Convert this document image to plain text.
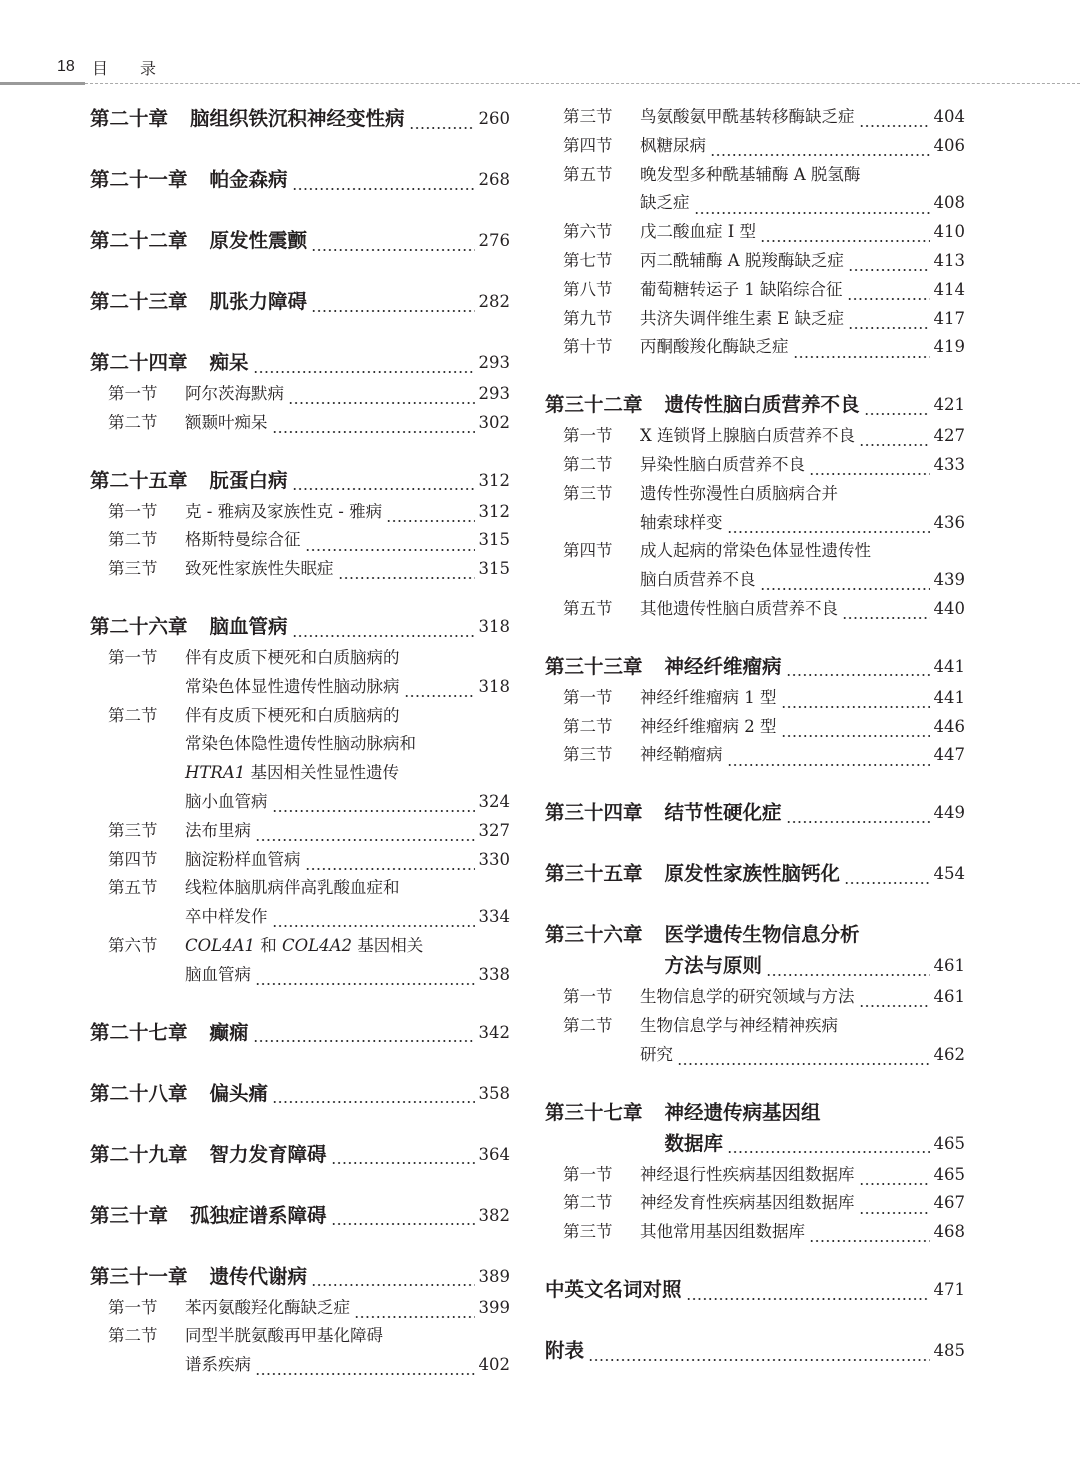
18 目 录
第二十章 脑组织铁沉积神经变性病	260
第二十一章 帕金森病	268
第二十二章 原发性震颤	276
第二十三章 肌张力障碍	282
第二十四章 痴呆	293
第一节	阿尔茨海默病	293
第二节	额颞叶痴呆	302
第二十五章 朊蛋白病	312
第一节	克 - 雅病及家族性克 - 雅病	312
第二节	格斯特曼综合征	315
第三节	致死性家族性失眠症	315
第二十六章 脑血管病	318
第一节	伴有皮质下梗死和白质脑病的
常染色体显性遗传性脑动脉病	318
第二节	伴有皮质下梗死和白质脑病的
常染色体隐性遗传性脑动脉病和
HTRA1 基因相关性显性遗传
脑小血管病	324
第三节	法布里病	327
第四节	脑淀粉样血管病	330
第五节	线粒体脑肌病伴高乳酸血症和
卒中样发作	334
第六节	COL4A1 和 COL4A2 基因相关
脑血管病	338
第二十七章 癫痫	342
第二十八章 偏头痛	358
第二十九章 智力发育障碍	364
第三十章 孤独症谱系障碍	382
第三十一章 遗传代谢病	389
第一节	苯丙氨酸羟化酶缺乏症	399
第二节	同型半胱氨酸再甲基化障碍
谱系疾病	402
第三节	鸟氨酸氨甲酰基转移酶缺乏症	404
第四节	枫糖尿病	406
第五节	晚发型多种酰基辅酶 A 脱氢酶
缺乏症	408
第六节	戊二酸血症 Ⅰ 型	410
第七节	丙二酰辅酶 A 脱羧酶缺乏症	413
第八节	葡萄糖转运子 1 缺陷综合征	414
第九节	共济失调伴维生素 E 缺乏症	417
第十节	丙酮酸羧化酶缺乏症	419
第三十二章 遗传性脑白质营养不良	421
第一节	X 连锁肾上腺脑白质营养不良	427
第二节	异染性脑白质营养不良	433
第三节	遗传性弥漫性白质脑病合并
轴索球样变	436
第四节	成人起病的常染色体显性遗传性
脑白质营养不良	439
第五节	其他遗传性脑白质营养不良	440
第三十三章 神经纤维瘤病	441
第一节	神经纤维瘤病 1 型	441
第二节	神经纤维瘤病 2 型	446
第三节	神经鞘瘤病	447
第三十四章 结节性硬化症	449
第三十五章 原发性家族性脑钙化	454
第三十六章 医学遗传生物信息分析
方法与原则	461
第一节	生物信息学的研究领域与方法	461
第二节	生物信息学与神经精神疾病
研究	462
第三十七章 神经遗传病基因组
数据库	465
第一节	神经退行性疾病基因组数据库	465
第二节	神经发育性疾病基因组数据库	467
第三节	其他常用基因组数据库	468
中英文名词对照	471
附表	485
